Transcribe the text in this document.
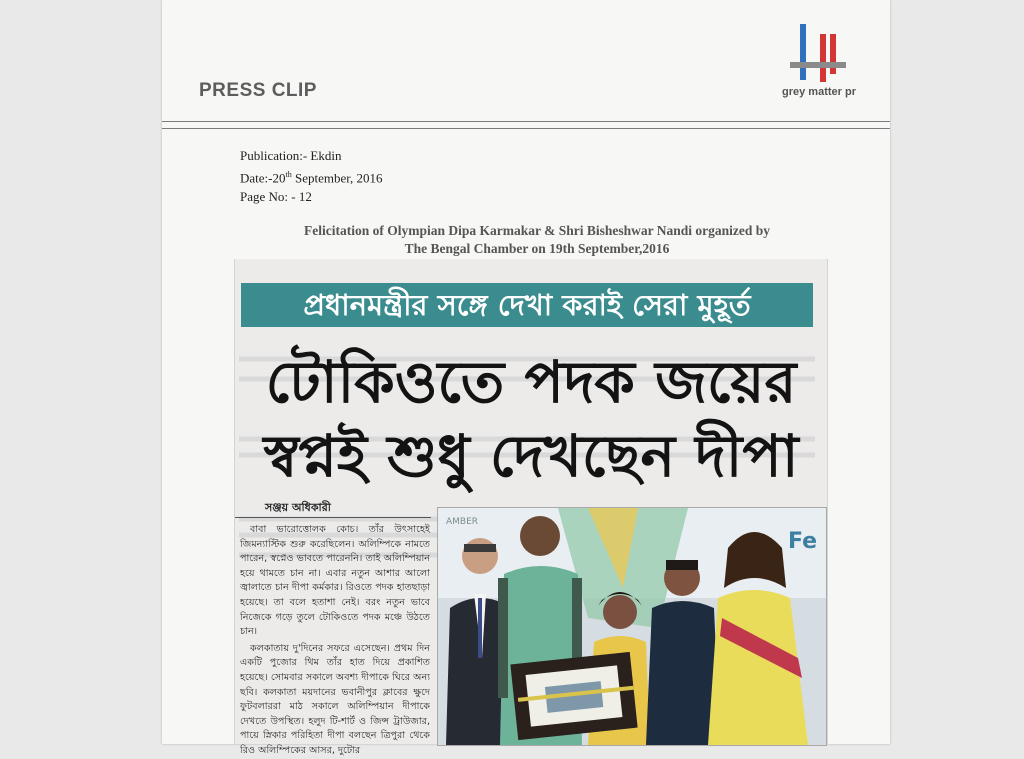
PRESS CLIP	grey matter pr
Publication:- Ekdin
Date:-20th September, 2016
Page No: - 12
Felicitation of Olympian Dipa Karmakar & Shri Bisheshwar Nandi organized by
The Bengal Chamber on 19th September,2016
প্রধানমন্ত্রীর সঙ্গে দেখা করাই সেরা মুহূর্ত
টোকিওতে পদক জয়ের
স্বপ্নই শুধু দেখছেন দীপা
সঞ্জয় অধিকারী

বাবা ভারোত্তোলক কোচ। তাঁর উৎসাহেই জিমন্যাস্টিক শুরু করেছিলেন। অলিম্পিকে নামতে পারেন, স্বপ্নেও ভাবতে পারেননি। তাই অলিম্পিয়ান হয়ে থামতে চান না। এবার নতুন আশার আলো জ্বালাতে চান দীপা কর্মকার। রিওতে পদক হাতছাড়া হয়েছে। তা বলে হতাশা নেই। বরং নতুন ভাবে নিজেকে গড়ে তুলে টোকিওতে পদক মঞ্চে উঠতে চান।

কলকাতায় দু'দিনের সফরে এসেছেন। প্রথম দিন একটি পুজোর থিম তাঁর হাত দিয়ে প্রকাশিত হয়েছে। সোমবার সকালে অবশ্য দীপাকে ঘিরে অন্য ছবি। কলকাতা ময়দানের ভবানীপুর ক্লাবের ক্ষুদে ফুটবলাররা মাঠ সকালে অলিম্পিয়ান দীপাকে দেখতে উপস্থিত। হলুদ টি-শার্ট ও জিন্স ট্রাউজার, পায়ে স্নিকার পরিহিতা দীপা বলছেন ত্রিপুরা থেকে রিও অলিম্পিকের আসর, দুটোর

Fe
AMBER
